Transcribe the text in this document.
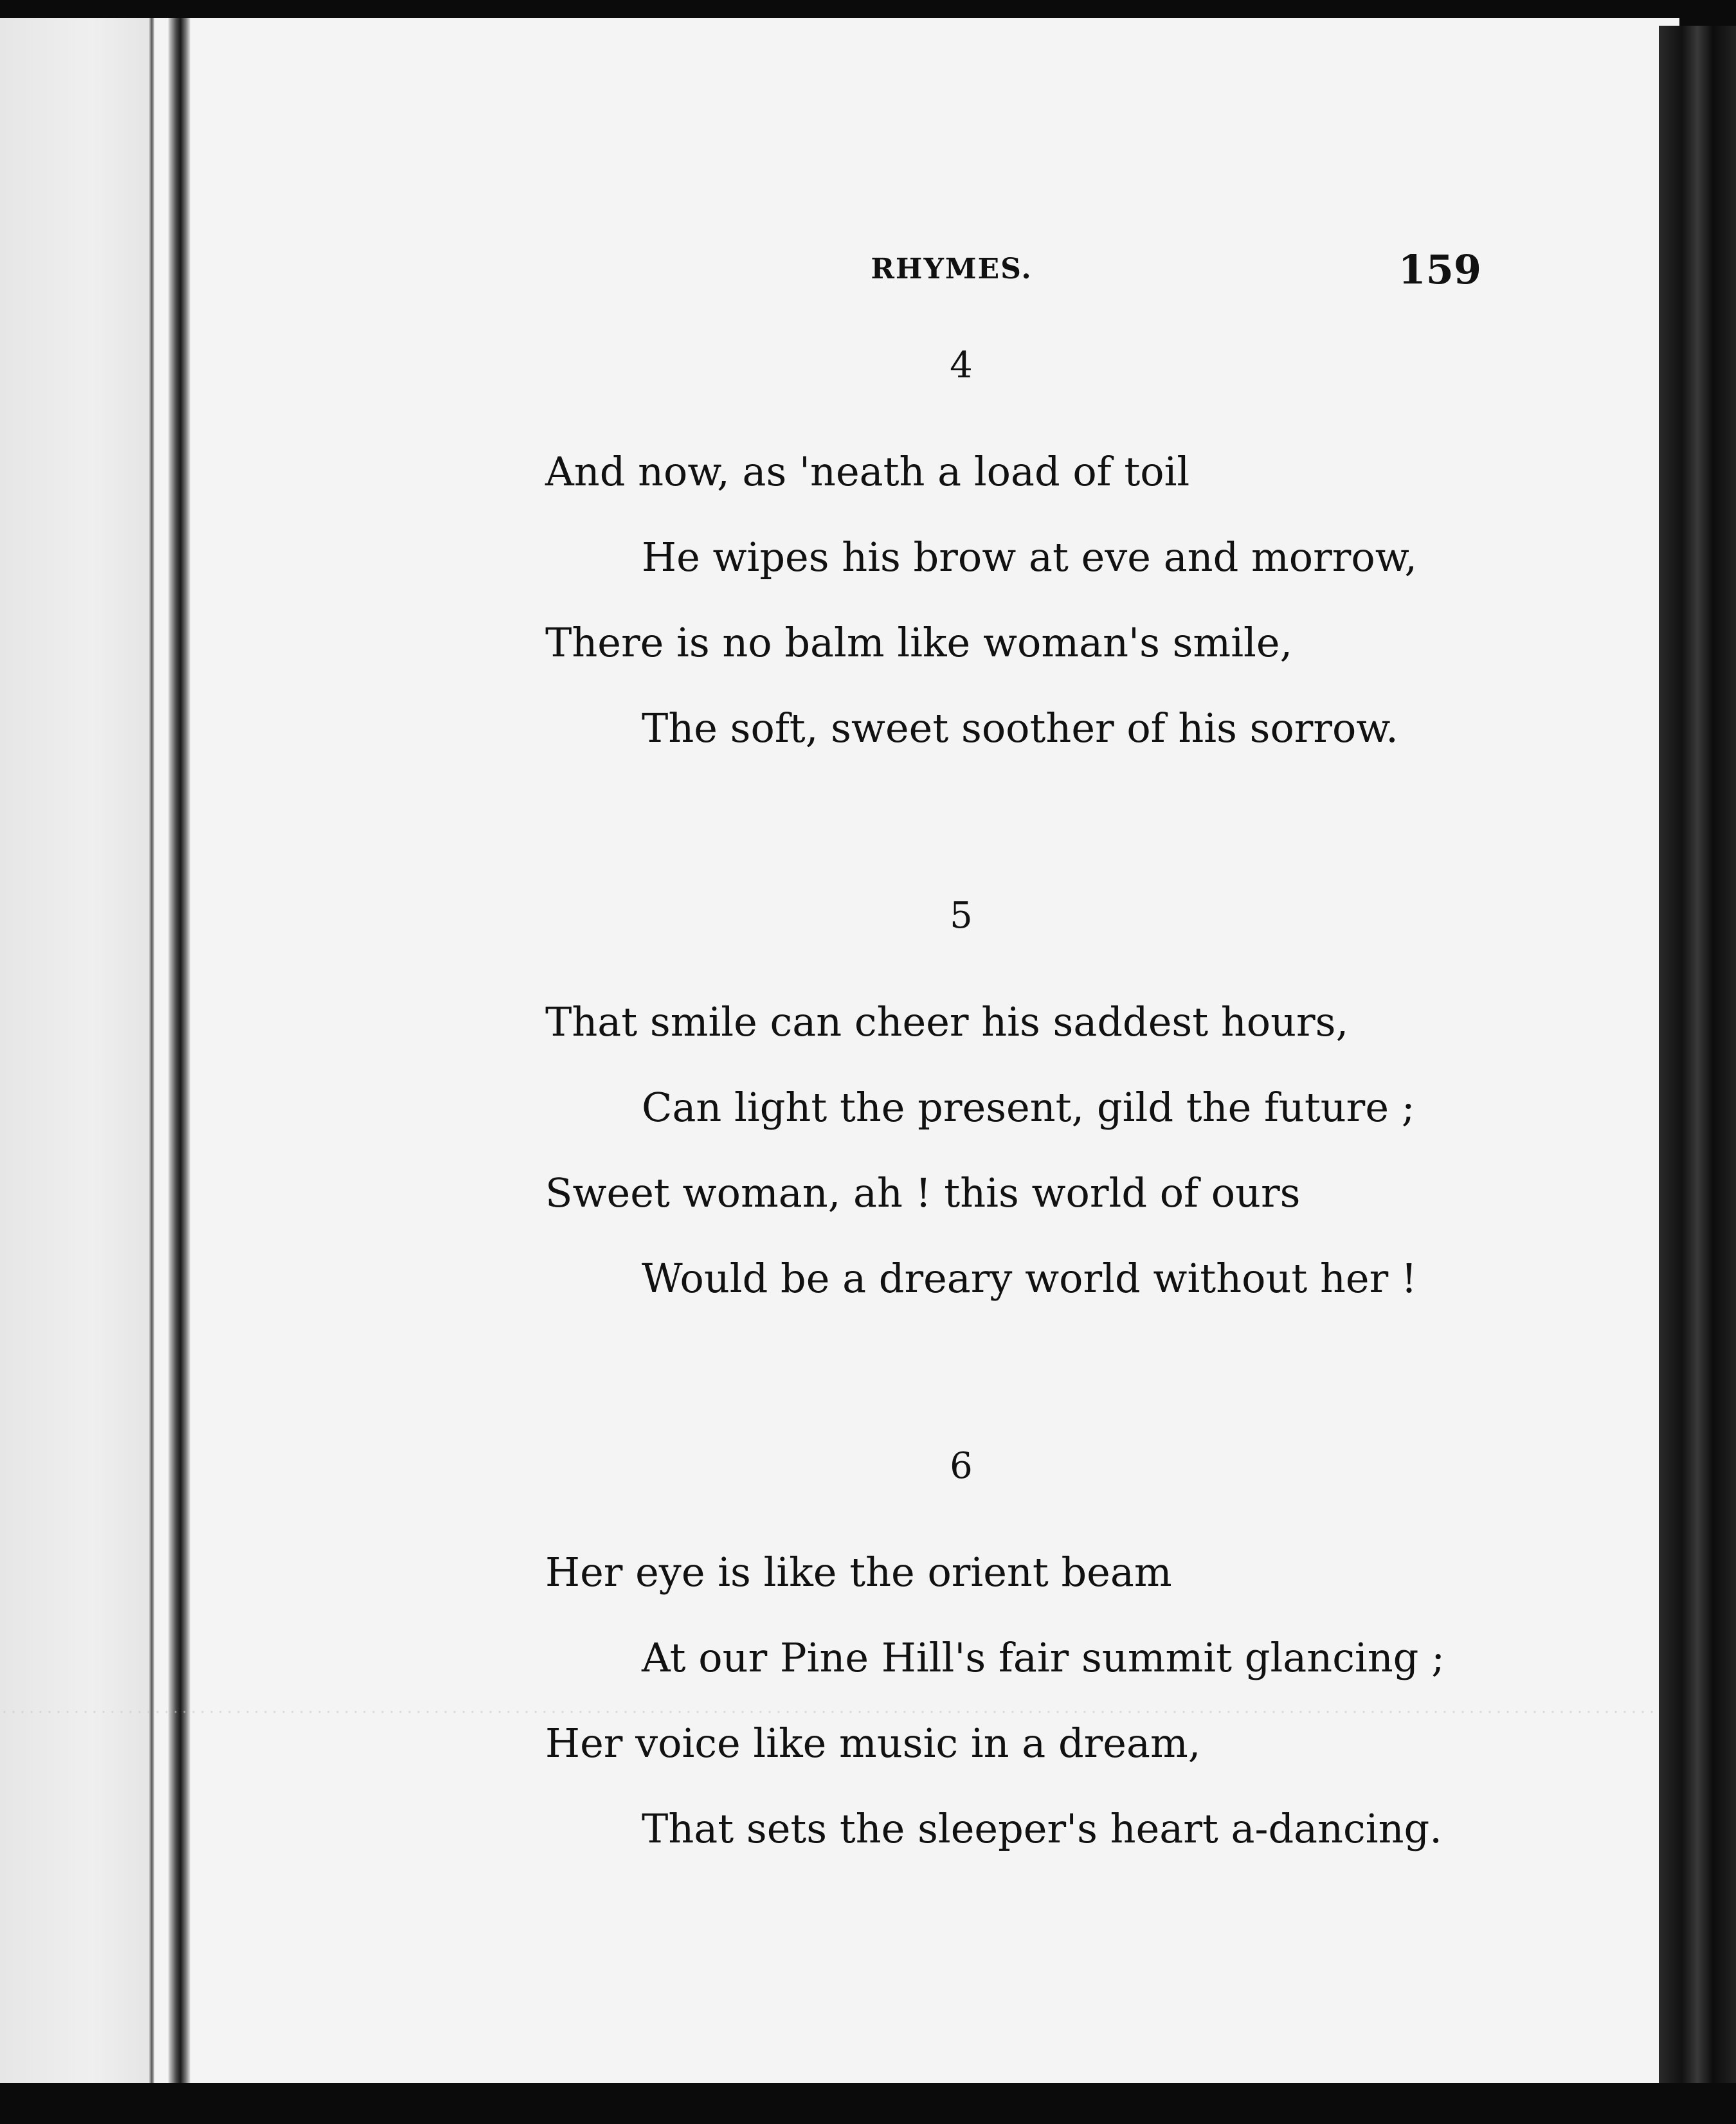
RHYMES.	159
4
And now, as 'neath a load of toil
He wipes his brow at eve and morrow,
There is no balm like woman's smile,
The soft, sweet soother of his sorrow.
5
That smile can cheer his saddest hours,
Can light the present, gild the future ;
Sweet woman, ah ! this world of ours
Would be a dreary world without her !
6
Her eye is like the orient beam
At our Pine Hill's fair summit glancing ;
Her voice like music in a dream,
That sets the sleeper's heart a-dancing.
